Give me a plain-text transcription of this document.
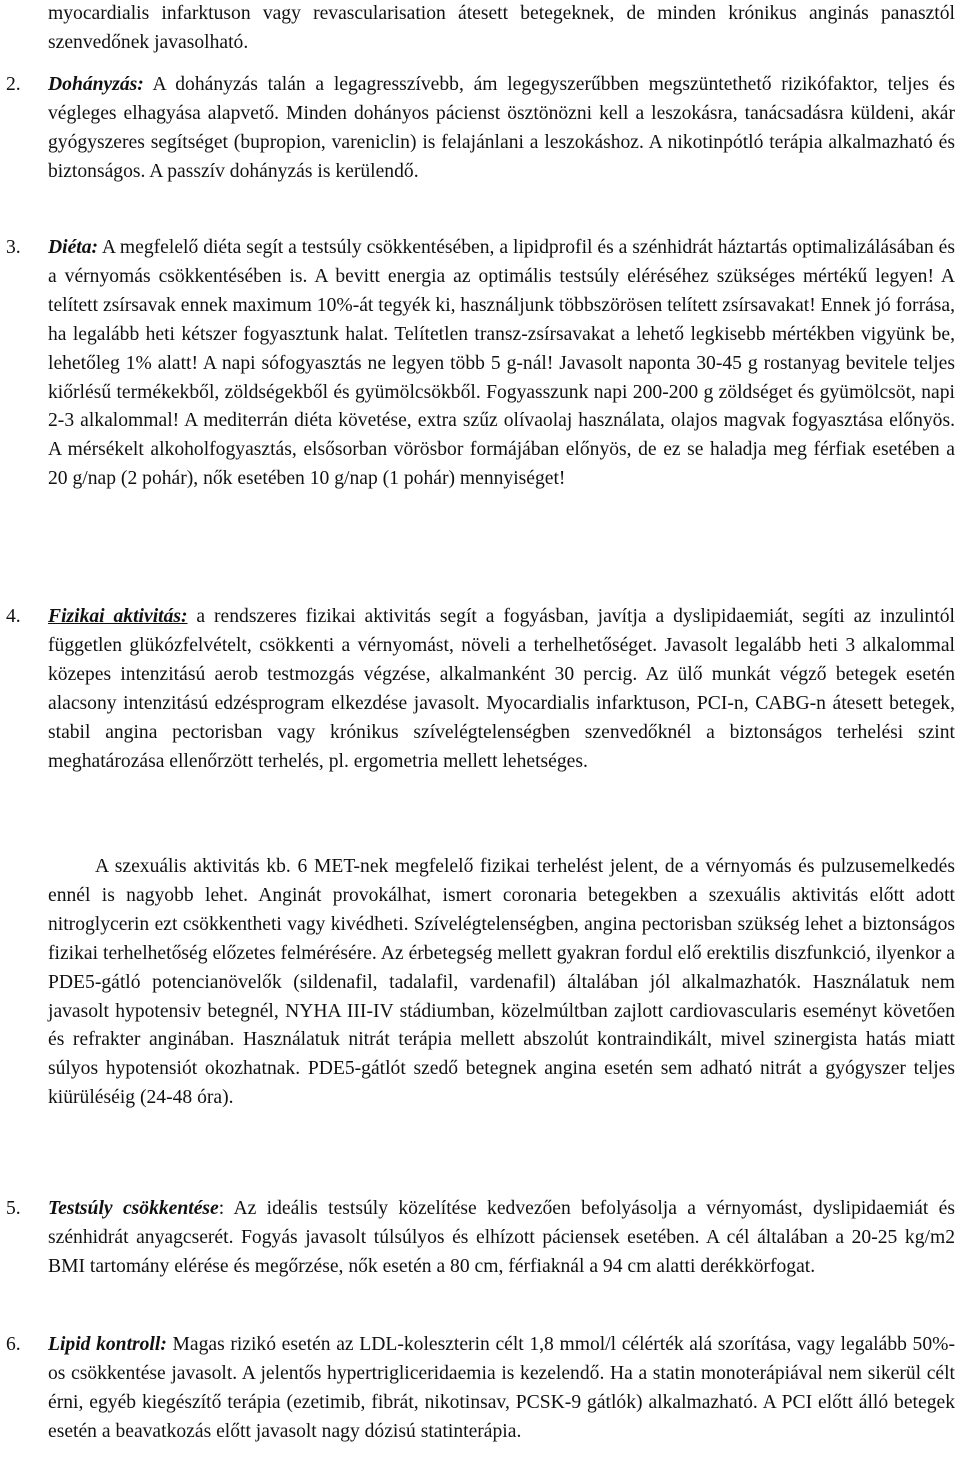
myocardialis infarktuson vagy revascularisation átesett betegeknek, de minden krónikus anginás panasztól szenvedőnek javasolható.
2.	Dohányzás: A dohányzás talán a legagresszívebb, ám legegyszerűbben megszüntethető rizikófaktor, teljes és végleges elhagyása alapvető. Minden dohányos pácienst ösztönözni kell a leszokásra, tanácsadásra küldeni, akár gyógyszeres segítséget (bupropion, vareniclin) is felajánlani a leszokáshoz. A nikotinpótló terápia alkalmazható és biztonságos. A passzív dohányzás is kerülendő.
3.	Diéta: A megfelelő diéta segít a testsúly csökkentésében, a lipidprofil és a szénhidrát háztartás optimalizálásában és a vérnyomás csökkentésében is. A bevitt energia az optimális testsúly eléréséhez szükséges mértékű legyen! A telített zsírsavak ennek maximum 10%-át tegyék ki, használjunk többszörösen telített zsírsavakat! Ennek jó forrása, ha legalább heti kétszer fogyasztunk halat. Telítetlen transz-zsírsavakat a lehető legkisebb mértékben vigyünk be, lehetőleg 1% alatt! A napi sófogyasztás ne legyen több 5 g-nál! Javasolt naponta 30-45 g rostanyag bevitele teljes kiőrlésű termékekből, zöldségekből és gyümölcsökből. Fogyasszunk napi 200-200 g zöldséget és gyümölcsöt, napi 2-3 alkalommal! A mediterrán diéta követése, extra szűz olívaolaj használata, olajos magvak fogyasztása előnyös. A mérsékelt alkoholfogyasztás, elsősorban vörösbor formájában előnyös, de ez se haladja meg férfiak esetében a 20 g/nap (2 pohár), nők esetében 10 g/nap (1 pohár) mennyiséget!
4.	Fizikai aktivitás: a rendszeres fizikai aktivitás segít a fogyásban, javítja a dyslipidaemiát, segíti az inzulintól független glükózfelvételt, csökkenti a vérnyomást, növeli a terhelhetőséget. Javasolt legalább heti 3 alkalommal közepes intenzitású aerob testmozgás végzése, alkalmanként 30 percig. Az ülő munkát végző betegek esetén alacsony intenzitású edzésprogram elkezdése javasolt. Myocardialis infarktuson, PCI-n, CABG-n átesett betegek, stabil angina pectorisban vagy krónikus szívelégtelenségben szenvedőknél a biztonságos terhelési szint meghatározása ellenőrzött terhelés, pl. ergometria mellett lehetséges.
A szexuális aktivitás kb. 6 MET-nek megfelelő fizikai terhelést jelent, de a vérnyomás és pulzusemelkedés ennél is nagyobb lehet. Anginát provokálhat, ismert coronaria betegekben a szexuális aktivitás előtt adott nitroglycerin ezt csökkentheti vagy kivédheti. Szívelégtelenségben, angina pectorisban szükség lehet a biztonságos fizikai terhelhetőség előzetes felmérésére. Az érbetegség mellett gyakran fordul elő erektilis diszfunkció, ilyenkor a PDE5-gátló potencianövelők (sildenafil, tadalafil, vardenafil) általában jól alkalmazhatók. Használatuk nem javasolt hypotensiv betegnél, NYHA III-IV stádiumban, közelmúltban zajlott cardiovascularis eseményt követően és refrakter anginában. Használatuk nitrát terápia mellett abszolút kontraindikált, mivel szinergista hatás miatt súlyos hypotensiót okozhatnak. PDE5-gátlót szedő betegnek angina esetén sem adható nitrát a gyógyszer teljes kiürüléséig (24-48 óra).
5.	Testsúly csökkentése: Az ideális testsúly közelítése kedvezően befolyásolja a vérnyomást, dyslipidaemiát és szénhidrát anyagcserét. Fogyás javasolt túlsúlyos és elhízott páciensek esetében. A cél általában a 20-25 kg/m2 BMI tartomány elérése és megőrzése, nők esetén a 80 cm, férfiaknál a 94 cm alatti derékkörfogat.
6.	Lipid kontroll: Magas rizikó esetén az LDL-koleszterin célt 1,8 mmol/l célérték alá szorítása, vagy legalább 50%-os csökkentése javasolt. A jelentős hypertrigliceridaemia is kezelendő. Ha a statin monoterápiával nem sikerül célt érni, egyéb kiegészítő terápia (ezetimib, fibrát, nikotinsav, PCSK-9 gátlók) alkalmazható. A PCI előtt álló betegek esetén a beavatkozás előtt javasolt nagy dózisú statinterápia.
